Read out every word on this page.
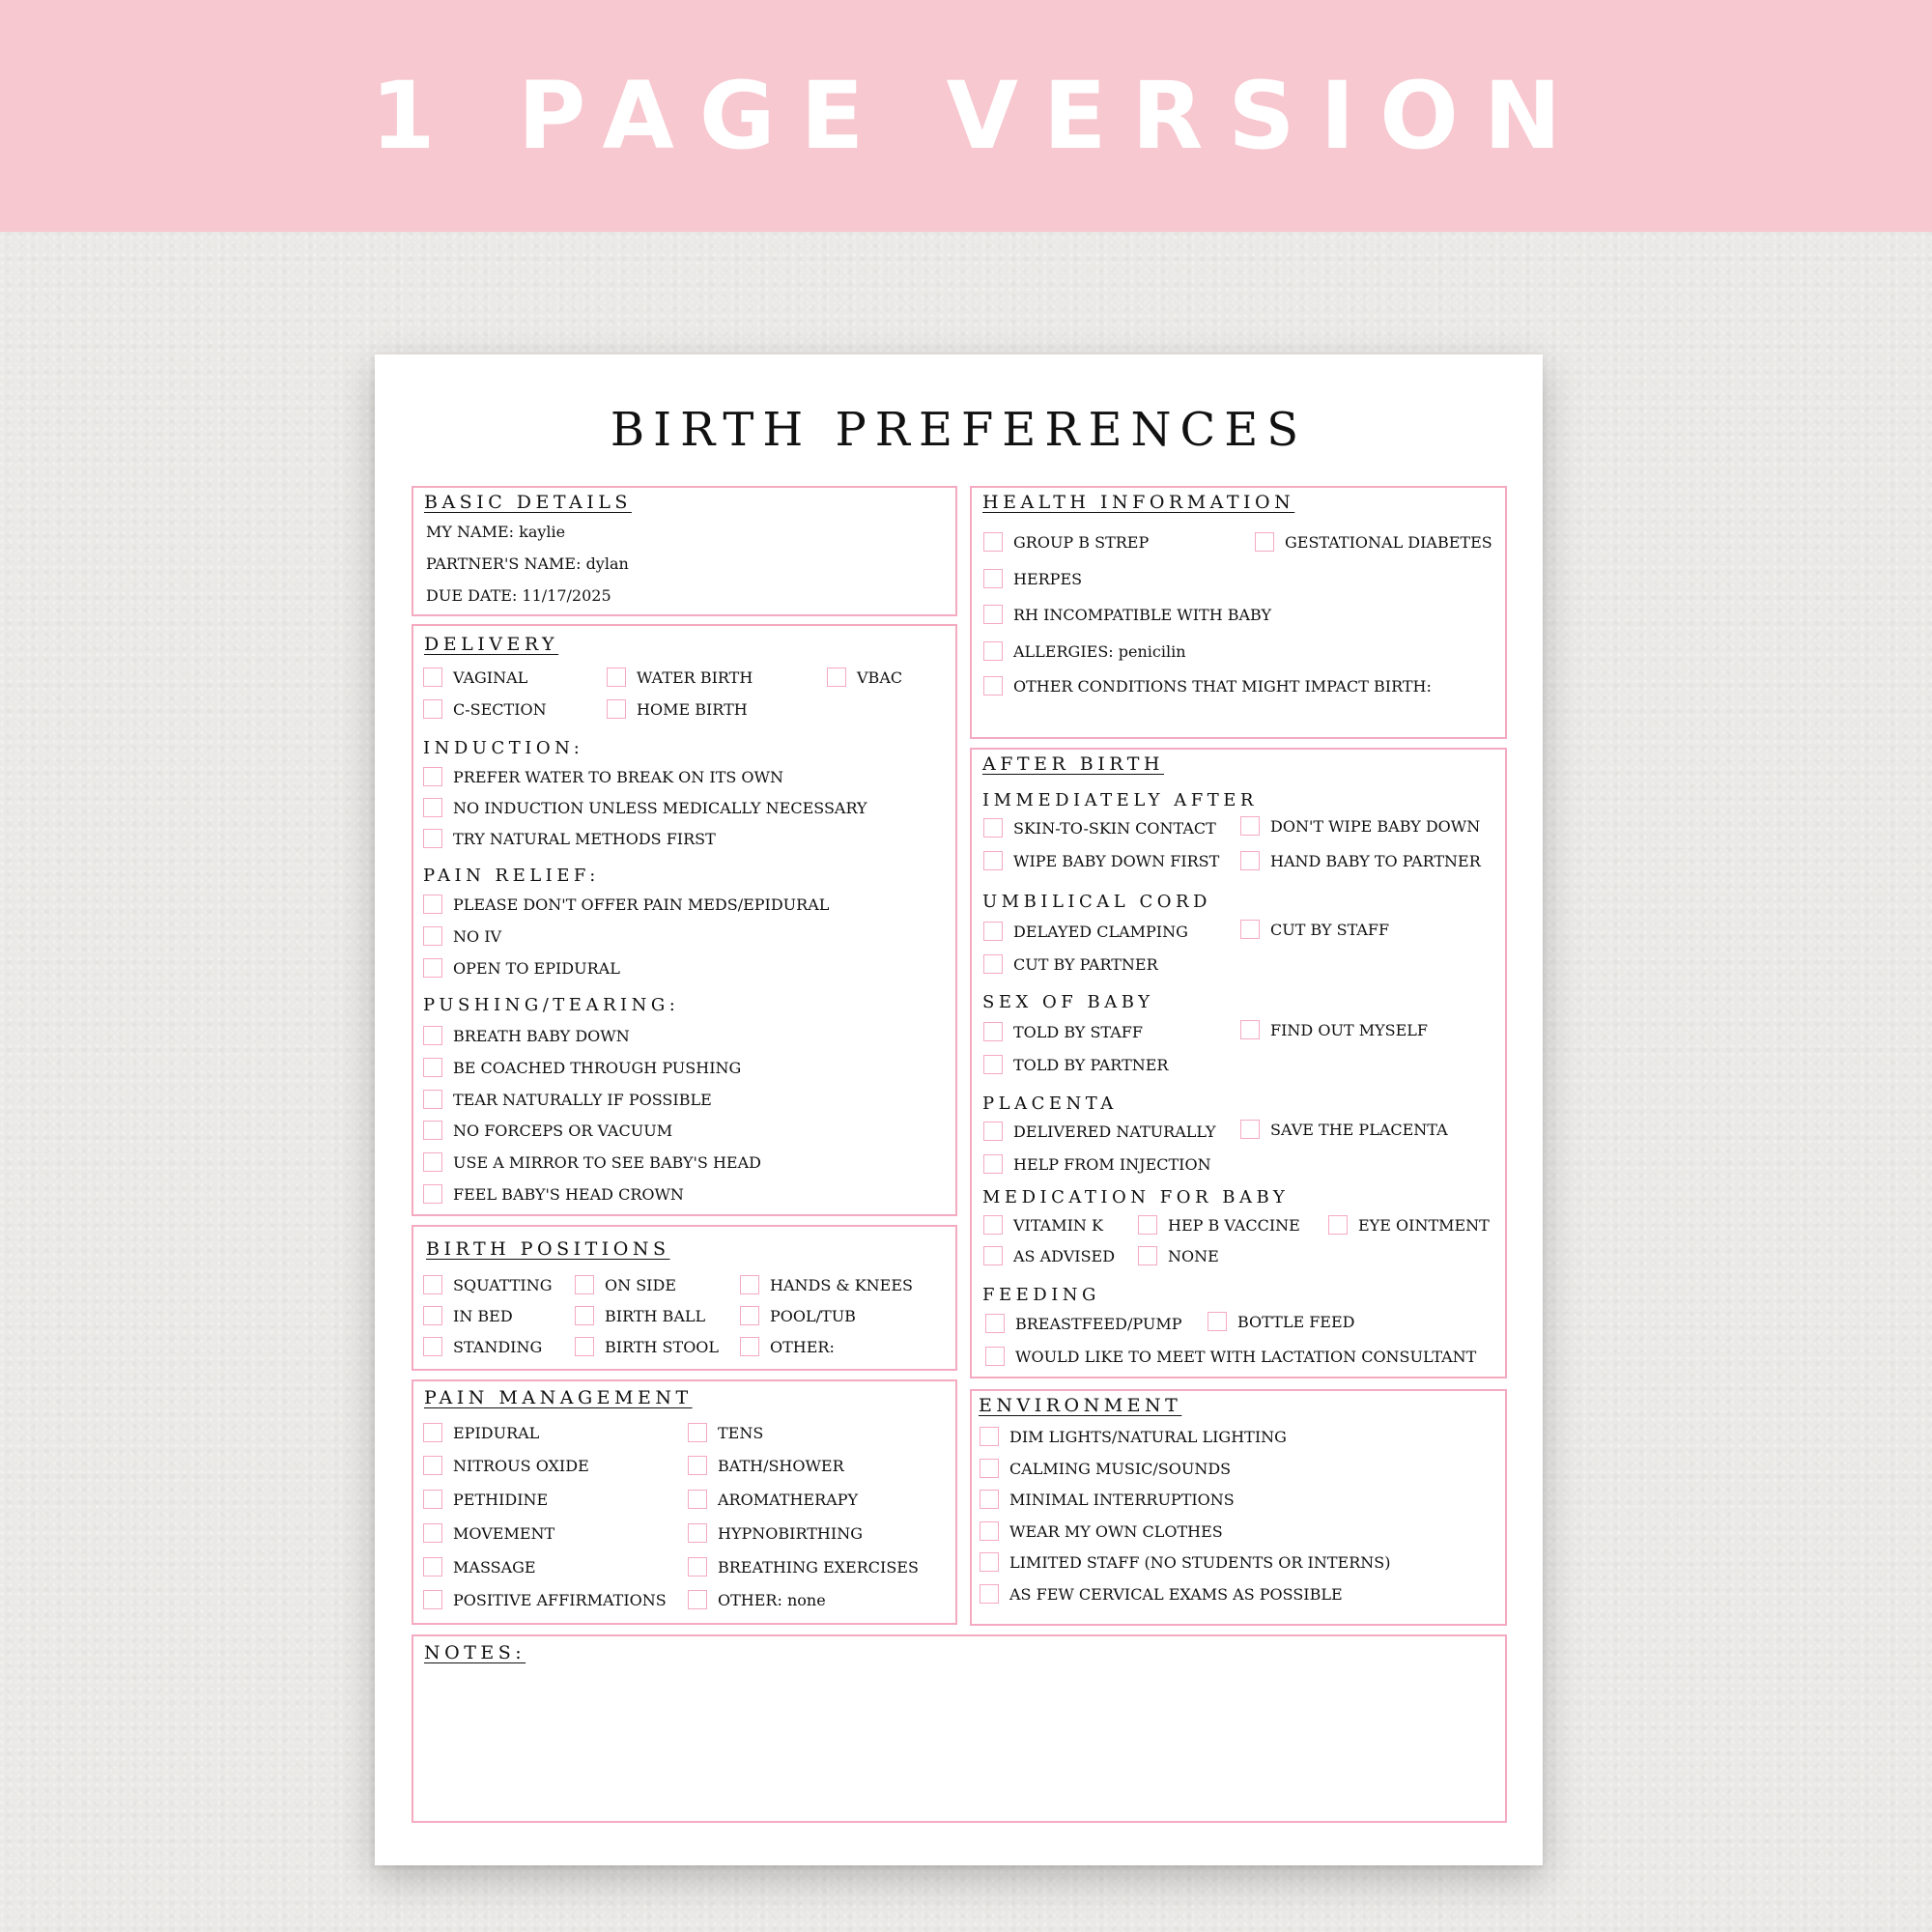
1 PAGE VERSION
BIRTH PREFERENCES
BASIC DETAILS
MY NAME: kaylie
PARTNER'S NAME: dylan
DUE DATE: 11/17/2025
DELIVERY
VAGINAL	WATER BIRTH	VBAC
C-SECTION	HOME BIRTH
INDUCTION:
PREFER WATER TO BREAK ON ITS OWN
NO INDUCTION UNLESS MEDICALLY NECESSARY
TRY NATURAL METHODS FIRST
PAIN RELIEF:
PLEASE DON'T OFFER PAIN MEDS/EPIDURAL
NO IV
OPEN TO EPIDURAL
PUSHING/TEARING:
BREATH BABY DOWN
BE COACHED THROUGH PUSHING
TEAR NATURALLY IF POSSIBLE
NO FORCEPS OR VACUUM
USE A MIRROR TO SEE BABY'S HEAD
FEEL BABY'S HEAD CROWN
BIRTH POSITIONS
SQUATTING	ON SIDE	HANDS & KNEES
IN BED	BIRTH BALL	POOL/TUB
STANDING	BIRTH STOOL	OTHER:
PAIN MANAGEMENT
EPIDURAL	TENS
NITROUS OXIDE	BATH/SHOWER
PETHIDINE	AROMATHERAPY
MOVEMENT	HYPNOBIRTHING
MASSAGE	BREATHING EXERCISES
POSITIVE AFFIRMATIONS	OTHER: none
HEALTH INFORMATION
GROUP B STREP	GESTATIONAL DIABETES
HERPES
RH INCOMPATIBLE WITH BABY
ALLERGIES: penicilin
OTHER CONDITIONS THAT MIGHT IMPACT BIRTH:
AFTER BIRTH
IMMEDIATELY AFTER
SKIN-TO-SKIN CONTACT	DON'T WIPE BABY DOWN
WIPE BABY DOWN FIRST	HAND BABY TO PARTNER
UMBILICAL CORD
DELAYED CLAMPING	CUT BY STAFF
CUT BY PARTNER
SEX OF BABY
TOLD BY STAFF	FIND OUT MYSELF
TOLD BY PARTNER
PLACENTA
DELIVERED NATURALLY	SAVE THE PLACENTA
HELP FROM INJECTION
MEDICATION FOR BABY
VITAMIN K	HEP B VACCINE	EYE OINTMENT
AS ADVISED	NONE
FEEDING
BREASTFEED/PUMP	BOTTLE FEED
WOULD LIKE TO MEET WITH LACTATION CONSULTANT
ENVIRONMENT
DIM LIGHTS/NATURAL LIGHTING
CALMING MUSIC/SOUNDS
MINIMAL INTERRUPTIONS
WEAR MY OWN CLOTHES
LIMITED STAFF (NO STUDENTS OR INTERNS)
AS FEW CERVICAL EXAMS AS POSSIBLE
NOTES:
